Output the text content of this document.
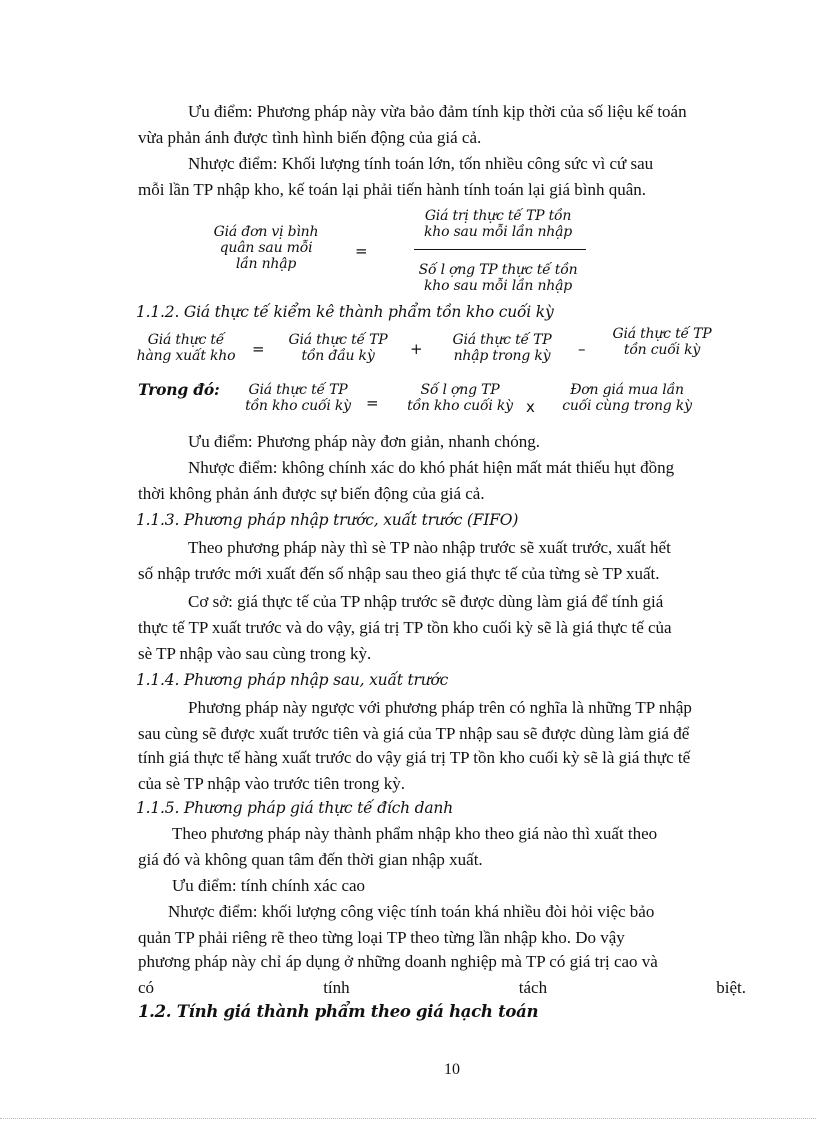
Ưu điểm: Phương pháp này vừa bảo đảm tính kịp thời của số liệu kế toán
vừa phản ánh được tình hình biến động của giá cả.
Nhược điểm: Khối lượng tính toán lớn, tốn nhiều công sức vì cứ sau
mỗi lần TP nhập kho, kế toán lại phải tiến hành tính toán lại giá bình quân.
Giá đơn vị bình
quân sau mỗi
lần nhập
=
Giá trị thực tế TP tồn
kho sau mỗi lần nhập
Số l ợng TP thực tế tồn
kho sau mỗi lần nhập
1.1.2. Giá thực tế kiểm kê thành phẩm tồn kho cuối kỳ
Giá thực tế
hàng xuất kho	=	Giá thực tế TP
tồn đầu kỳ	+	Giá thực tế TP
nhập trong kỳ	–
Giá thực tế TP
tồn cuối kỳ
Trong đó:	Giá thực tế TP
tồn kho cuối kỳ	=
Số l ợng TP
tồn kho cuối kỳ x
Đơn giá mua lần
cuối cùng trong kỳ
Ưu điểm: Phương pháp này đơn giản, nhanh chóng.
Nhược điểm: không chính xác do khó phát hiện mất mát thiếu hụt đồng
thời không phản ánh được sự biến động của giá cả.
1.1.3. Phương pháp nhập trước, xuất trước (FIFO)
Theo phương pháp này thì sè TP nào nhập trước sẽ xuất trước, xuất hết
số nhập trước mới xuất đến số nhập sau theo giá thực tế của từng sè TP xuất.
Cơ sở: giá thực tế của TP nhập trước sẽ được dùng làm giá để tính giá
thực tế TP xuất trước và do vậy, giá trị TP tồn kho cuối kỳ sẽ là giá thực tế của
sè TP nhập vào sau cùng trong kỳ.
1.1.4. Phương pháp nhập sau, xuất trước
Phương pháp này ngược với phương pháp trên có nghĩa là những TP nhập
sau cùng sẽ được xuất trước tiên và giá của TP nhập sau sẽ được dùng làm giá để
tính giá thực tế hàng xuất trước do vậy giá trị TP tồn kho cuối kỳ sẽ là giá thực tế
của sè TP nhập vào trước tiên trong kỳ.
1.1.5. Phương pháp giá thực tế đích danh
Theo phương pháp này thành phẩm nhập kho theo giá nào thì xuất theo
giá đó và không quan tâm đến thời gian nhập xuất.
Ưu điểm: tính chính xác cao
Nhược điểm: khối lượng công việc tính toán khá nhiều đòi hỏi việc bảo
quản TP phải riêng rẽ theo từng loại TP theo từng lần nhập kho. Do vậy
phương pháp này chỉ áp dụng ở những doanh nghiệp mà TP có giá trị cao và
có	tính	tách	biệt.
1.2. Tính giá thành phẩm theo giá hạch toán
10
